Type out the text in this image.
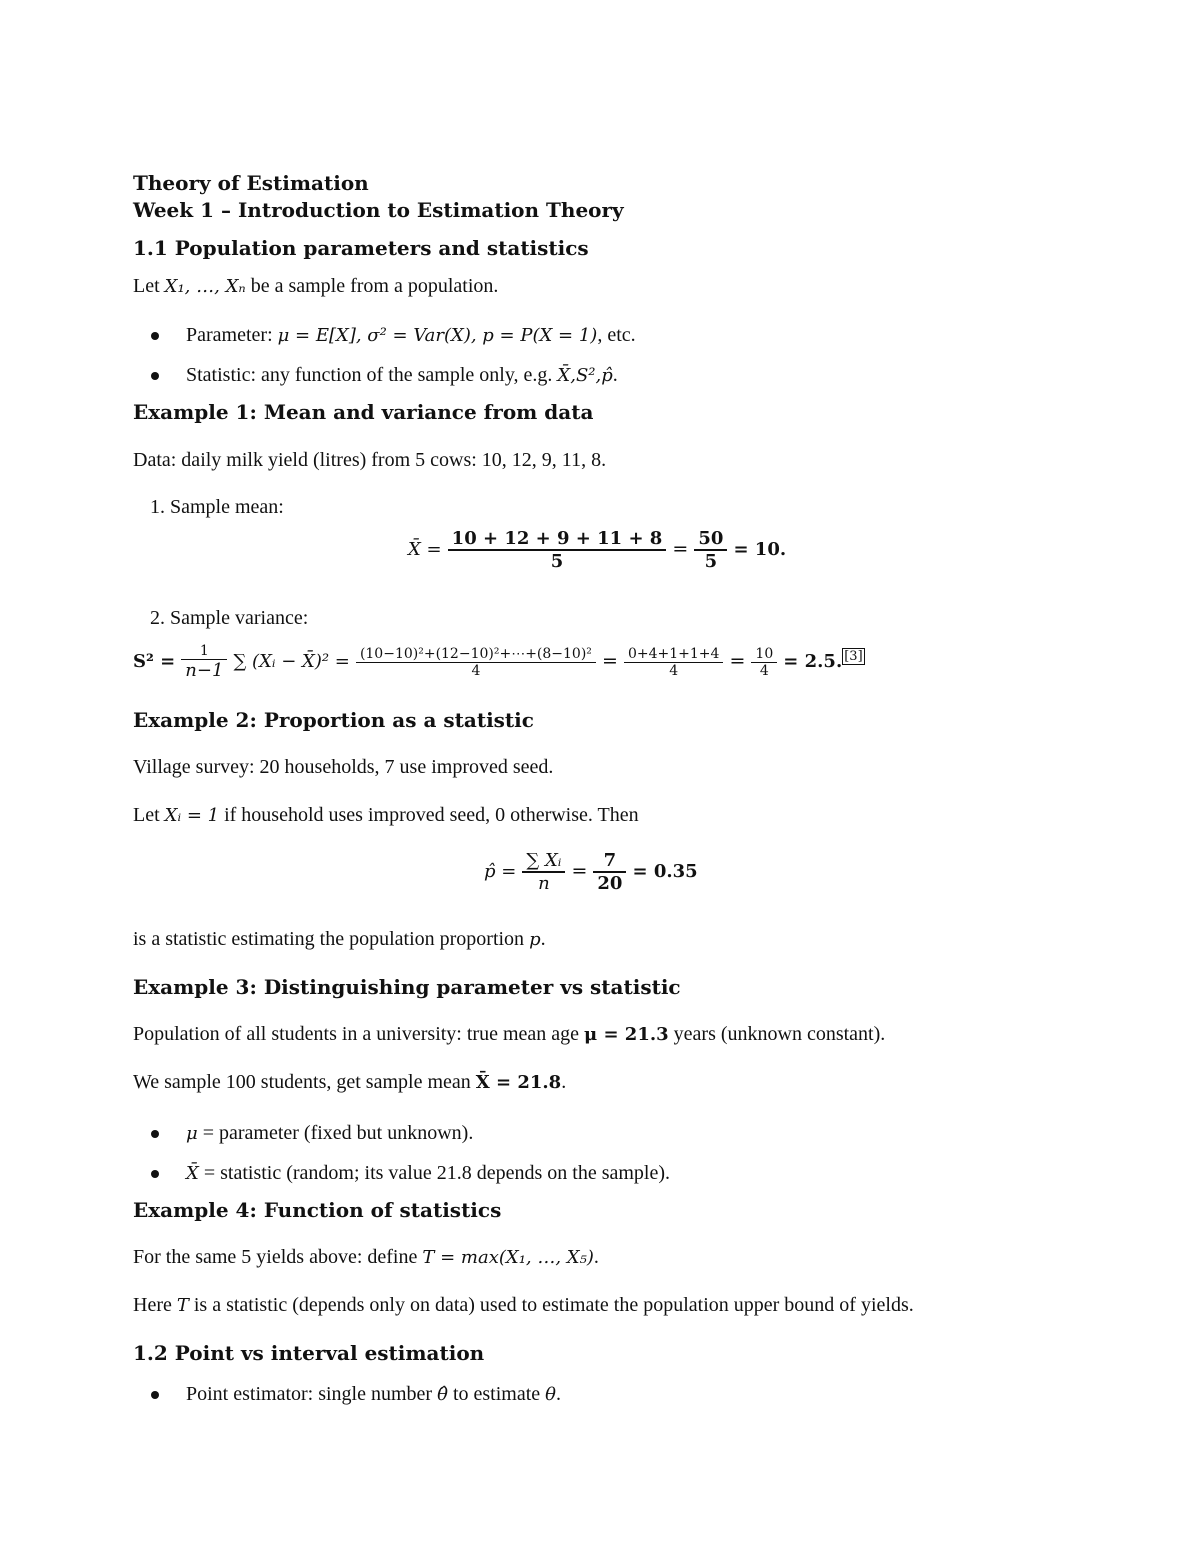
Theory of Estimation
Week 1 – Introduction to Estimation Theory
1.1 Population parameters and statistics
Let X₁, …, Xₙ be a sample from a population.
Parameter: μ = E[X], σ² = Var(X), p = P(X = 1), etc.
Statistic: any function of the sample only, e.g. X̄,S²,p̂.
Example 1: Mean and variance from data
Data: daily milk yield (litres) from 5 cows: 10, 12, 9, 11, 8.
1. Sample mean:
X̄ = $\frac{10 + 12 + 9 + 11 + 8}{5} = \frac{50}{5} = 10$.
2. Sample variance:
$S^2 = \frac{1}{n-1}$ ∑ (Xᵢ − X̄)² = $\frac{\text{(10−10)²+(12−10)²+⋯+(8−10)²}}{4} = \frac{0+4+1+1+4}{4} = \frac{10}{4} = 2.5$. [3]
Example 2: Proportion as a statistic
Village survey: 20 households, 7 use improved seed.
Let Xᵢ = 1 if household uses improved seed, 0 otherwise. Then
p̂ = $\frac{\text{∑ Xᵢ}}{n} = \frac{7}{20} = 0.35$
is a statistic estimating the population proportion p.
Example 3: Distinguishing parameter vs statistic
Population of all students in a university: true mean age μ = 21.3 years (unknown constant).
We sample 100 students, get sample mean X̄ = 21.8.
μ = parameter (fixed but unknown).
X̄ = statistic (random; its value 21.8 depends on the sample).
Example 4: Function of statistics
For the same 5 yields above: define T = max(X₁, …, X₅).
Here T is a statistic (depends only on data) used to estimate the population upper bound of yields.
1.2 Point vs interval estimation
Point estimator: single number θ̂ to estimate θ.
